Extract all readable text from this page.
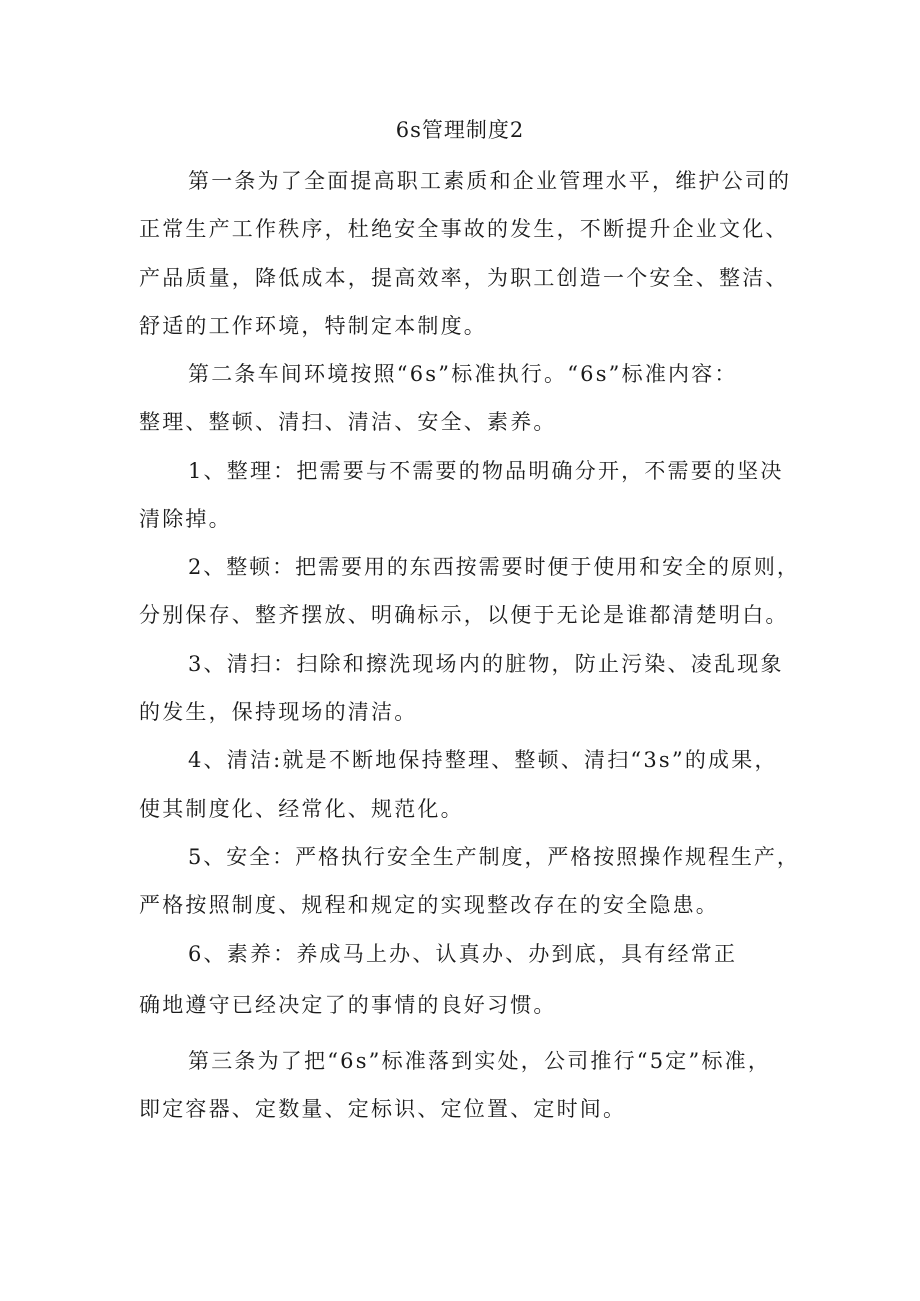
6s管理制度2
第一条为了全面提高职工素质和企业管理水平，维护公司的
正常生产工作秩序，杜绝安全事故的发生，不断提升企业文化、
产品质量，降低成本，提高效率，为职工创造一个安全、整洁、
舒适的工作环境，特制定本制度。
第二条车间环境按照“6s”标准执行。“6s”标准内容：
整理、整顿、清扫、清洁、安全、素养。
1、整理：把需要与不需要的物品明确分开，不需要的坚决
清除掉。
2、整顿：把需要用的东西按需要时便于使用和安全的原则，
分别保存、整齐摆放、明确标示，以便于无论是谁都清楚明白。
3、清扫：扫除和擦洗现场内的脏物，防止污染、凌乱现象
的发生，保持现场的清洁。
4、清洁:就是不断地保持整理、整顿、清扫“3s”的成果，
使其制度化、经常化、规范化。
5、安全：严格执行安全生产制度，严格按照操作规程生产，
严格按照制度、规程和规定的实现整改存在的安全隐患。
6、素养：养成马上办、认真办、办到底，具有经常正
确地遵守已经决定了的事情的良好习惯。
第三条为了把“6s”标准落到实处，公司推行“5定”标准，
即定容器、定数量、定标识、定位置、定时间。
